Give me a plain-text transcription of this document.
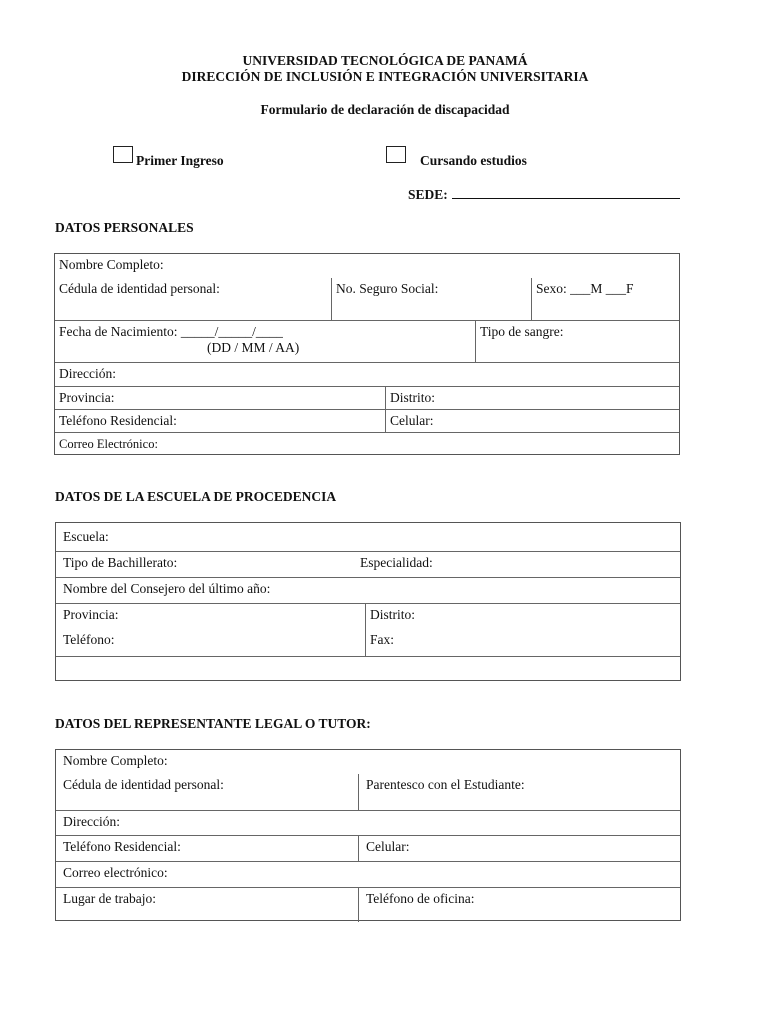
UNIVERSIDAD TECNOLÓGICA DE PANAMÁ
DIRECCIÓN DE INCLUSIÓN E INTEGRACIÓN UNIVERSITARIA
Formulario de declaración de discapacidad
Primer Ingreso	Cursando estudios
SEDE:
DATOS PERSONALES
Nombre Completo:
Cédula de identidad personal:	No. Seguro Social:	Sexo: ___M ___F
Fecha de Nacimiento: _____/_____/____
(DD / MM / AA)
Tipo de sangre:
Dirección:
Provincia:	Distrito:
Teléfono Residencial:	Celular:
Correo Electrónico:
DATOS DE LA ESCUELA DE PROCEDENCIA
Escuela:
Tipo de Bachillerato:	Especialidad:
Nombre del Consejero del último año:
Provincia:	Distrito:
Teléfono:	Fax:
DATOS DEL REPRESENTANTE LEGAL O TUTOR:
Nombre Completo:
Cédula de identidad personal:	Parentesco con el Estudiante:
Dirección:
Teléfono Residencial:	Celular:
Correo electrónico:
Lugar de trabajo:	Teléfono de oficina:
